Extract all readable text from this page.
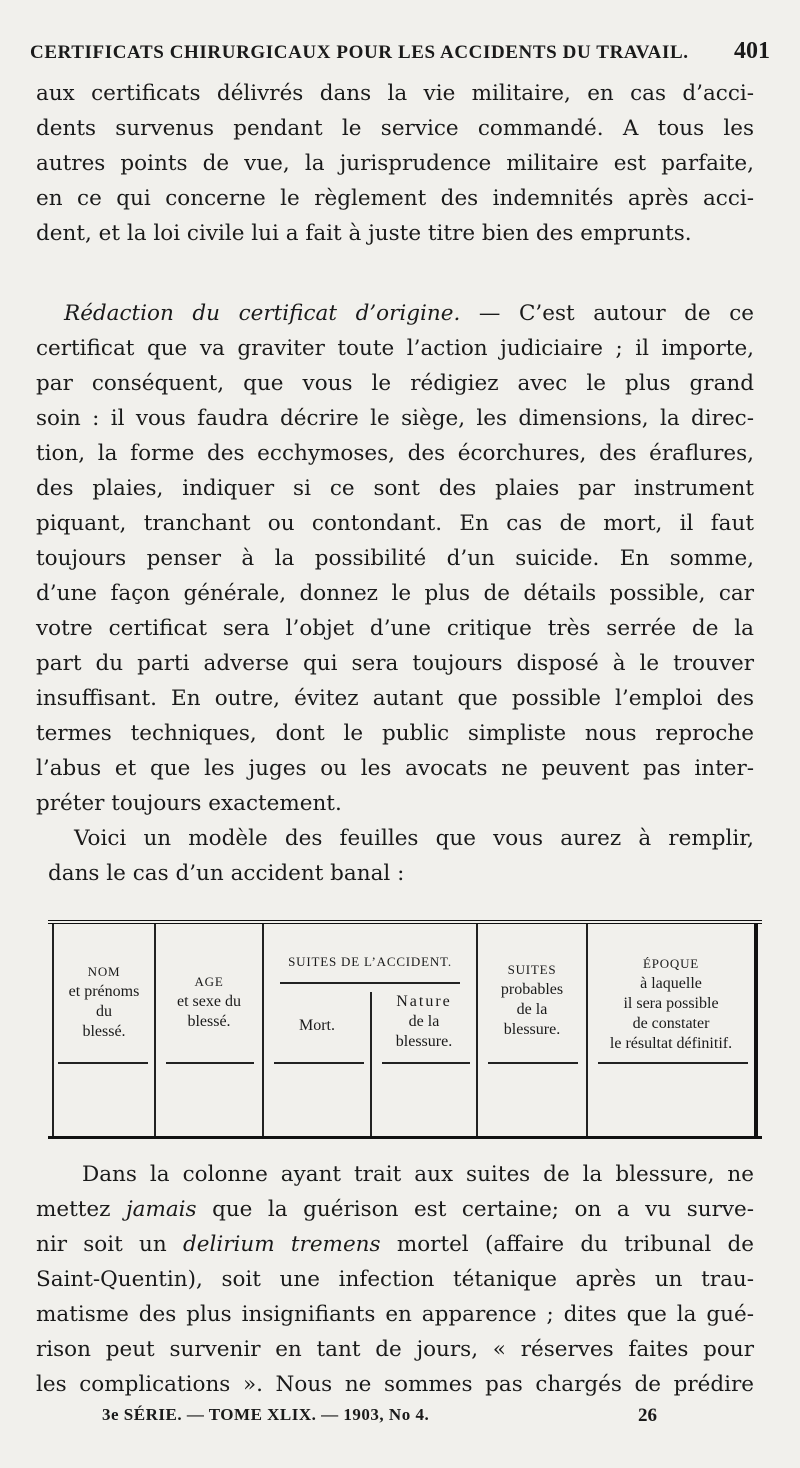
CERTIFICATS CHIRURGICAUX POUR LES ACCIDENTS DU TRAVAIL. 401
aux certificats délivrés dans la vie militaire, en cas d’acci-
dents survenus pendant le service commandé. A tous les
autres points de vue, la jurisprudence militaire est parfaite,
en ce qui concerne le règlement des indemnités après acci-
dent, et la loi civile lui a fait à juste titre bien des emprunts.
Rédaction du certificat d’origine. — C’est autour de ce
certificat que va graviter toute l’action judiciaire ; il importe,
par conséquent, que vous le rédigiez avec le plus grand
soin : il vous faudra décrire le siège, les dimensions, la direc-
tion, la forme des ecchymoses, des écorchures, des éraflures,
des plaies, indiquer si ce sont des plaies par instrument
piquant, tranchant ou contondant. En cas de mort, il faut
toujours penser à la possibilité d’un suicide. En somme,
d’une façon générale, donnez le plus de détails possible, car
votre certificat sera l’objet d’une critique très serrée de la
part du parti adverse qui sera toujours disposé à le trouver
insuffisant. En outre, évitez autant que possible l’emploi des
termes techniques, dont le public simpliste nous reproche
l’abus et que les juges ou les avocats ne peuvent pas inter-
préter toujours exactement.
Voici un modèle des feuilles que vous aurez à remplir,
dans le cas d’un accident banal :
NOM
et prénoms
du
blessé.
AGE
et sexe du
blessé.
SUITES DE L’ACCIDENT.
Mort.
Nature
de la
blessure.
SUITES
probables
de la
blessure.
ÉPOQUE
à laquelle
il sera possible
de constater
le résultat définitif.
Dans la colonne ayant trait aux suites de la blessure, ne
mettez jamais que la guérison est certaine; on a vu surve-
nir soit un delirium tremens mortel (affaire du tribunal de
Saint-Quentin), soit une infection tétanique après un trau-
matisme des plus insignifiants en apparence ; dites que la gué-
rison peut survenir en tant de jours, « réserves faites pour
les complications ». Nous ne sommes pas chargés de prédire
3e SÉRIE. — TOME XLIX. — 1903, No 4.	26
